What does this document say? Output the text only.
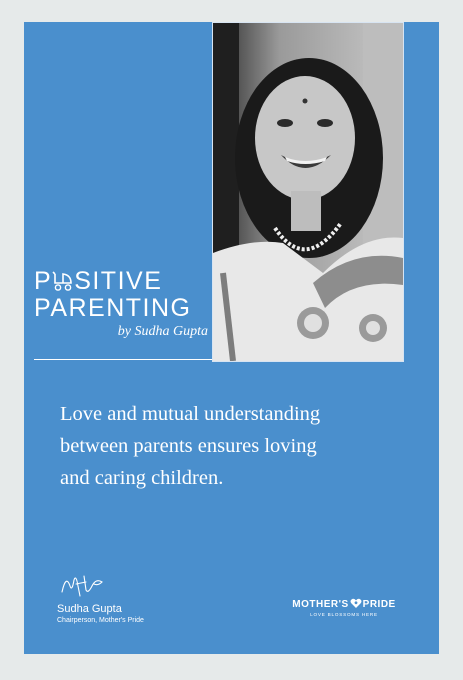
P SITIVE
PARENTING
by Sudha Gupta
Love and mutual understanding
between parents ensures loving
and caring children.
Sudha Gupta
Chairperson, Mother's Pride
MOTHER'S PRIDE
LOVE BLOSSOMS HERE
